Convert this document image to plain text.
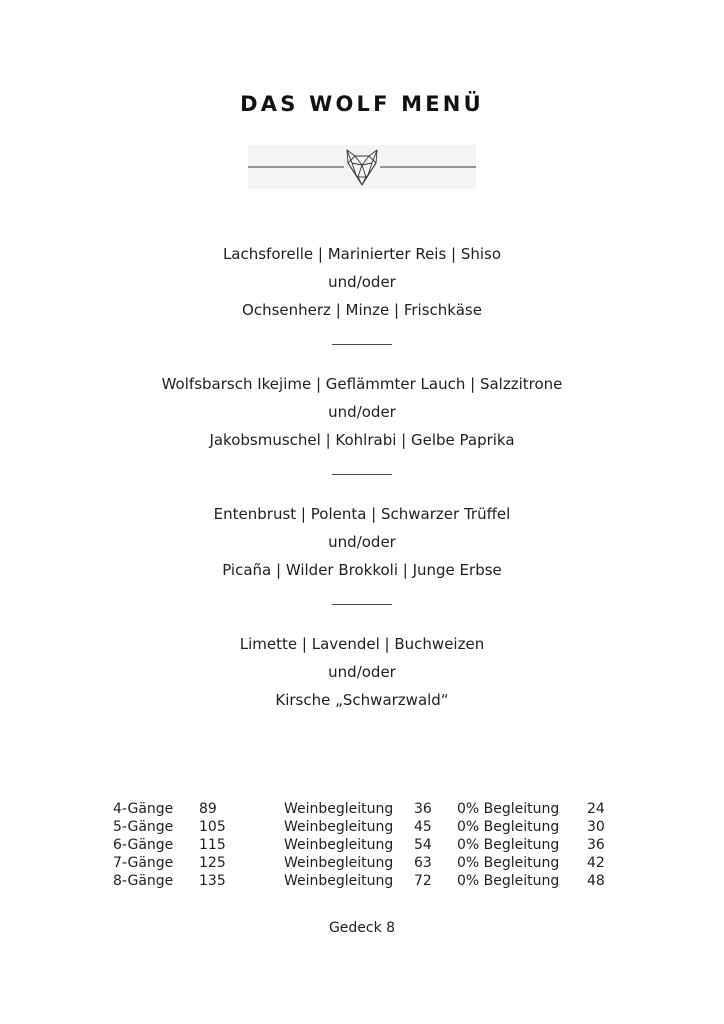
DAS WOLF MENÜ
Lachsforelle | Marinierter Reis | Shiso
und/oder
Ochsenherz | Minze | Frischkäse
Wolfsbarsch Ikejime | Geflämmter Lauch | Salzzitrone
und/oder
Jakobsmuschel | Kohlrabi | Gelbe Paprika
Entenbrust | Polenta | Schwarzer Trüffel
und/oder
Picaña | Wilder Brokkoli | Junge Erbse
Limette | Lavendel | Buchweizen
und/oder
Kirsche „Schwarzwald“
4-Gänge 89	Weinbegleitung 36 0% Begleitung 24
5-Gänge 105	Weinbegleitung 45 0% Begleitung 30
6-Gänge 115	Weinbegleitung 54 0% Begleitung 36
7-Gänge 125	Weinbegleitung 63 0% Begleitung 42
8-Gänge 135	Weinbegleitung 72 0% Begleitung 48
Gedeck 8
